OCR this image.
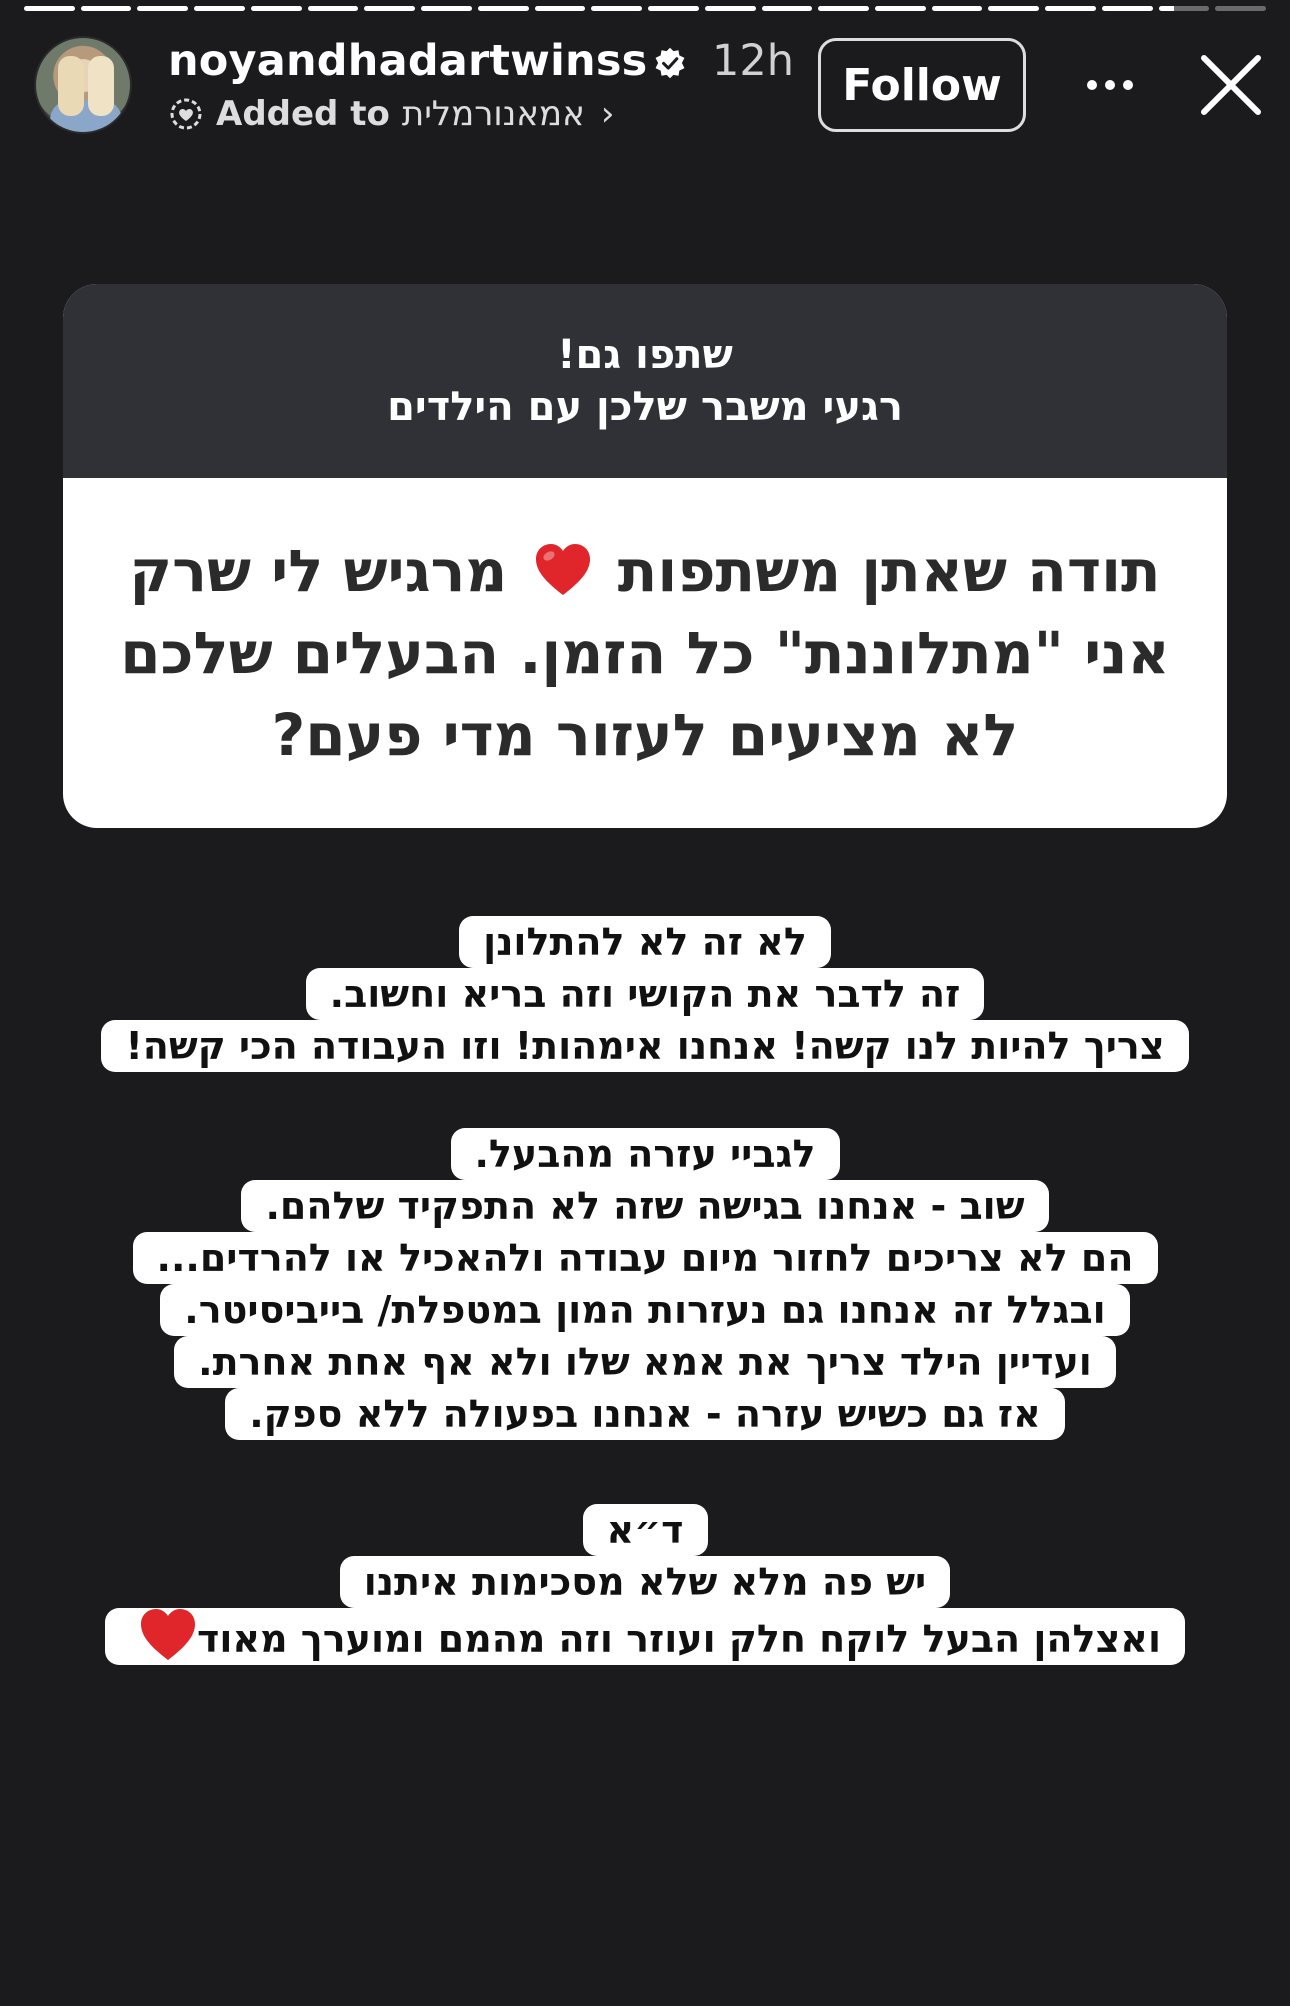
noyandhadartwinss 12h
Added to אמאנורמלית ›
Follow
שתפו גם!
רגעי משבר שלכן עם הילדים
תודה שאתן משתפות  מרגיש לי שרק אני "מתלוננת" כל הזמן. הבעלים שלכם לא מציעים לעזור מדי פעם?
לא זה לא להתלונן
זה לדבר את הקושי וזה בריא וחשוב.
צריך להיות לנו קשה! אנחנו אימהות! וזו העבודה הכי קשה!
לגביי עזרה מהבעל.
שוב - אנחנו בגישה שזה לא התפקיד שלהם.
הם לא צריכים לחזור מיום עבודה ולהאכיל או להרדים...
ובגלל זה אנחנו גם נעזרות המון במטפלת/ בייביסיטר.
ועדיין הילד צריך את אמא שלו ולא אף אחת אחרת.
אז גם כשיש עזרה - אנחנו בפעולה ללא ספק.
ד״א
יש פה מלא שלא מסכימות איתנו
ואצלהן הבעל לוקח חלק ועוזר וזה מהמם ומוערך מאוד
